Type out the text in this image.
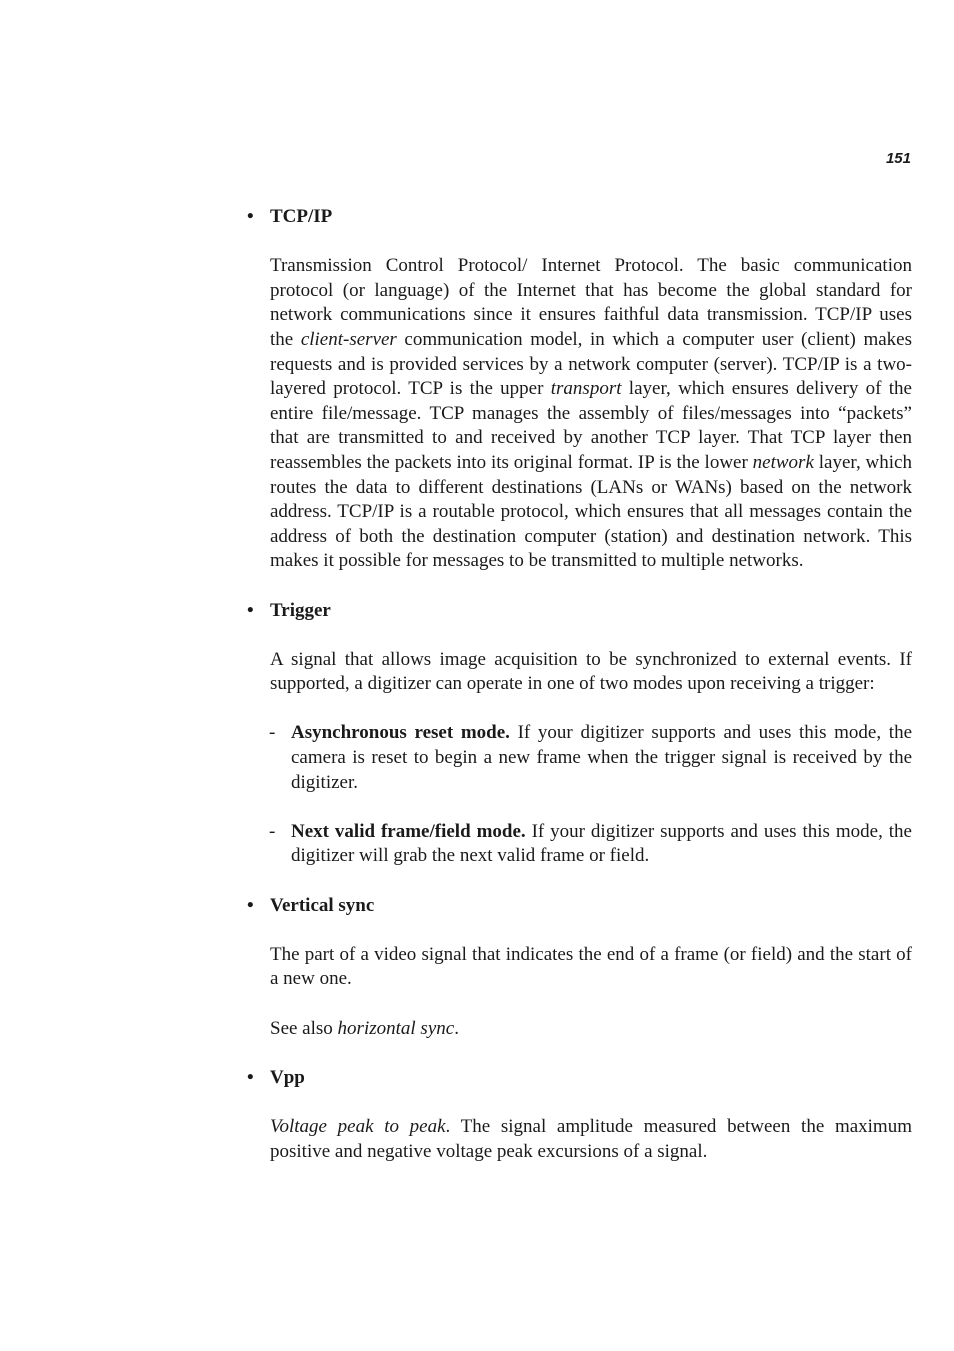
151

• TCP/IP

Transmission Control Protocol/ Internet Protocol. The basic communication protocol (or language) of the Internet that has become the global standard for network communications since it ensures faithful data transmission. TCP/IP uses the client-server communication model, in which a computer user (client) makes requests and is provided services by a network computer (server). TCP/IP is a two-layered protocol. TCP is the upper transport layer, which ensures delivery of the entire file/message. TCP manages the assembly of files/messages into “packets” that are transmitted to and received by another TCP layer. That TCP layer then reassembles the packets into its original format. IP is the lower network layer, which routes the data to different destinations (LANs or WANs) based on the network address. TCP/IP is a routable protocol, which ensures that all messages contain the address of both the destination computer (station) and destination network. This makes it possible for messages to be transmitted to multiple networks.

• Trigger

A signal that allows image acquisition to be synchronized to external events. If supported, a digitizer can operate in one of two modes upon receiving a trigger:

- Asynchronous reset mode. If your digitizer supports and uses this mode, the camera is reset to begin a new frame when the trigger signal is received by the digitizer.

- Next valid frame/field mode. If your digitizer supports and uses this mode, the digitizer will grab the next valid frame or field.

• Vertical sync

The part of a video signal that indicates the end of a frame (or field) and the start of a new one.

See also horizontal sync.

• Vpp

Voltage peak to peak. The signal amplitude measured between the maximum positive and negative voltage peak excursions of a signal.
